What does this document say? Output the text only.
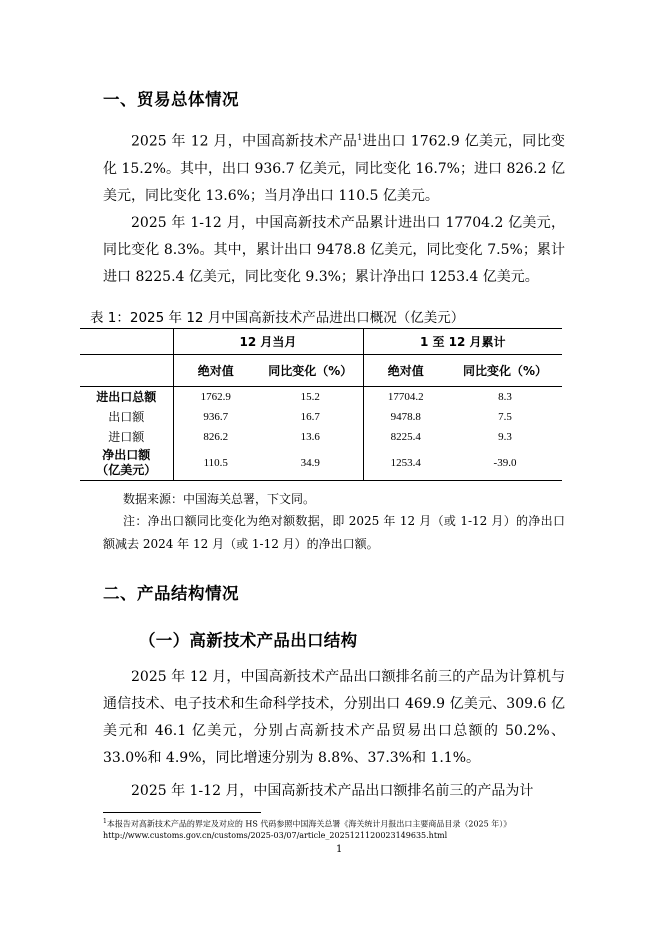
一、贸易总体情况

2025 年 12 月，中国高新技术产品$^1$进出口 1762.9 亿美元，同比变化 15.2%。其中，出口 936.7 亿美元，同比变化 16.7%；进口 826.2 亿美元，同比变化 13.6%；当月净出口 110.5 亿美元。

2025 年 1-12 月，中国高新技术产品累计进出口 17704.2 亿美元，同比变化 8.3%。其中，累计出口 9478.8 亿美元，同比变化 7.5%；累计进口 8225.4 亿美元，同比变化 9.3%；累计净出口 1253.4 亿美元。

表 1：2025 年 12 月中国高新技术产品进出口概况（亿美元）
	12 月当月		1 至 12 月累计	
	绝对值	同比变化（%）	绝对值	同比变化（%）
进出口总额	1762.9	15.2	17704.2	8.3
出口额	936.7	16.7	9478.8	7.5
进口额	826.2	13.6	8225.4	9.3

净出口额
（亿美元）	110.5	34.9	1253.4	-39.0
数据来源：中国海关总署，下文同。
注：净出口额同比变化为绝对额数据，即 2025 年 12 月（或 1-12 月）的净出口额减去 2024 年 12 月（或 1-12 月）的净出口额。
二、产品结构情况
（一）高新技术产品出口结构

2025 年 12 月，中国高新技术产品出口额排名前三的产品为计算机与通信技术、电子技术和生命科学技术，分别出口 469.9 亿美元、309.6 亿美元和 46.1 亿美元，分别占高新技术产品贸易出口总额的 50.2%、33.0%和 4.9%，同比增速分别为 8.8%、37.3%和 1.1%。

2025 年 1-12 月，中国高新技术产品出口额排名前三的产品为计

$^1$本报告对高新技术产品的界定及对应的 HS 代码参照中国海关总署《海关统计月报出口主要商品目录（2025 年）》
http://www.customs.gov.cn/customs/2025-03/07/article_2025121120023149635.html
1
